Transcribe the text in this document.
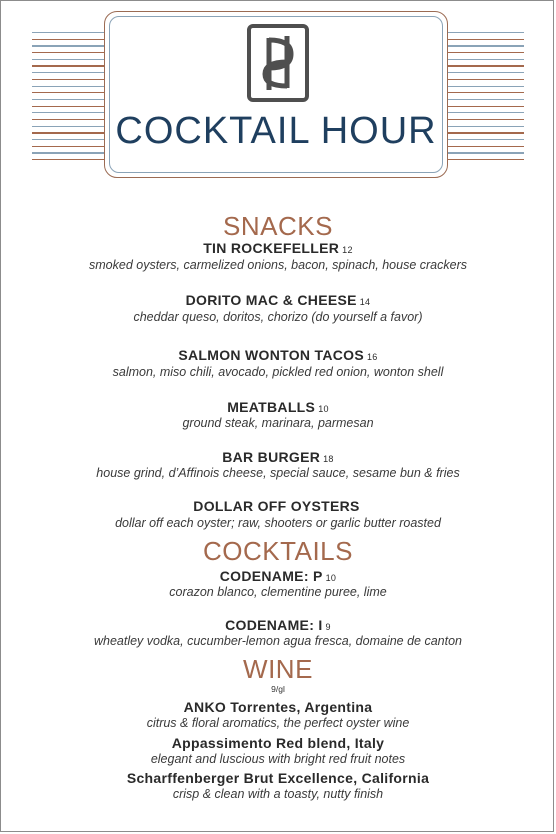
COCKTAIL HOUR
SNACKS
TIN ROCKEFELLER 12
smoked oysters, carmelized onions, bacon, spinach, house crackers
DORITO MAC & CHEESE 14
cheddar queso, doritos, chorizo (do yourself a favor)
SALMON WONTON TACOS 16
salmon, miso chili, avocado, pickled red onion, wonton shell
MEATBALLS 10
ground steak, marinara, parmesan
BAR BURGER 18
house grind, d’Affinois cheese, special sauce, sesame bun & fries
DOLLAR OFF OYSTERS
dollar off each oyster; raw, shooters or garlic butter roasted
COCKTAILS
CODENAME: P 10
corazon blanco, clementine puree, lime
CODENAME: I 9
wheatley vodka, cucumber-lemon agua fresca, domaine de canton
WINE
9/gl
ANKO Torrentes, Argentina
citrus & floral aromatics, the perfect oyster wine
Appassimento Red blend, Italy
elegant and luscious with bright red fruit notes
Scharffenberger Brut Excellence, California
crisp & clean with a toasty, nutty finish
